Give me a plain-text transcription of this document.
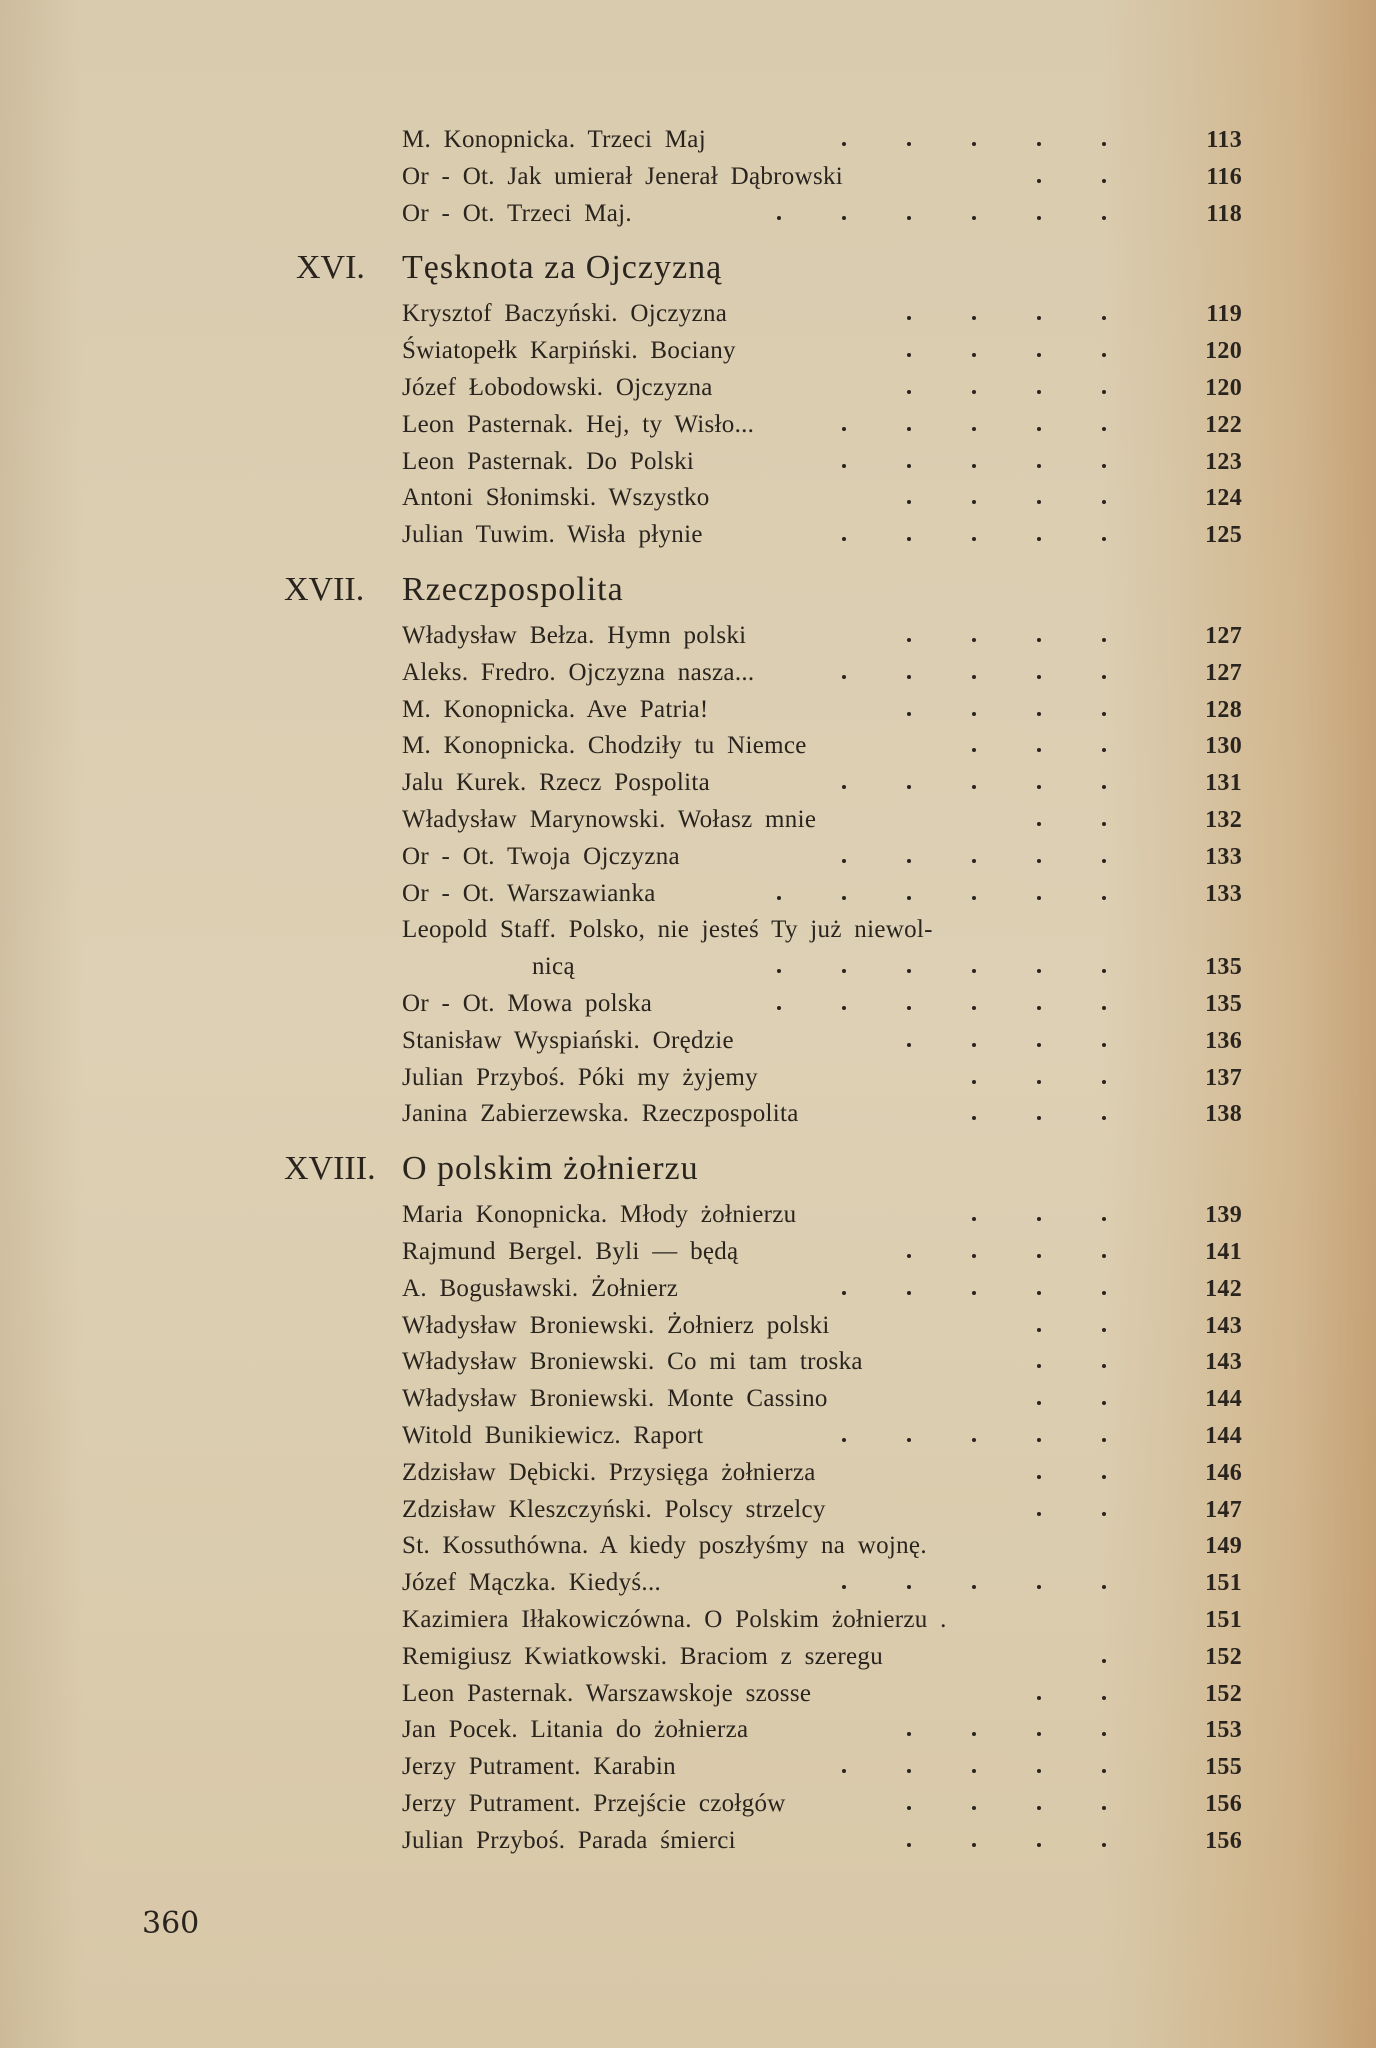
M. Konopnicka. Trzeci Maj	113
Or - Ot. Jak umierał Jenerał Dąbrowski	116
Or - Ot. Trzeci Maj.	118
XVI. Tęsknota za Ojczyzną
Krysztof Baczyński. Ojczyzna	119
Światopełk Karpiński. Bociany	120
Józef Łobodowski. Ojczyzna	120
Leon Pasternak. Hej, ty Wisło...	122
Leon Pasternak. Do Polski	123
Antoni Słonimski. Wszystko	124
Julian Tuwim. Wisła płynie	125
XVII. Rzeczpospolita
Władysław Bełza. Hymn polski	127
Aleks. Fredro. Ojczyzna nasza...	127
M. Konopnicka. Ave Patria!	128
M. Konopnicka. Chodziły tu Niemce	130
Jalu Kurek. Rzecz Pospolita	131
Władysław Marynowski. Wołasz mnie	132
Or - Ot. Twoja Ojczyzna	133
Or - Ot. Warszawianka	133
Leopold Staff. Polsko, nie jesteś Ty już niewol-
nicą	135
Or - Ot. Mowa polska	135
Stanisław Wyspiański. Orędzie	136
Julian Przyboś. Póki my żyjemy	137
Janina Zabierzewska. Rzeczpospolita	138
XVIII. O polskim żołnierzu
Maria Konopnicka. Młody żołnierzu	139
Rajmund Bergel. Byli — będą	141
A. Bogusławski. Żołnierz	142
Władysław Broniewski. Żołnierz polski	143
Władysław Broniewski. Co mi tam troska	143
Władysław Broniewski. Monte Cassino	144
Witold Bunikiewicz. Raport	144
Zdzisław Dębicki. Przysięga żołnierza	146
Zdzisław Kleszczyński. Polscy strzelcy	147
St. Kossuthówna. A kiedy poszłyśmy na wojnę.	149
Józef Mączka. Kiedyś...	151
Kazimiera Iłłakowiczówna. O Polskim żołnierzu .	151
Remigiusz Kwiatkowski. Braciom z szeregu	152
Leon Pasternak. Warszawskoje szosse	152
Jan Pocek. Litania do żołnierza	153
Jerzy Putrament. Karabin	155
Jerzy Putrament. Przejście czołgów	156
Julian Przyboś. Parada śmierci	156
360
